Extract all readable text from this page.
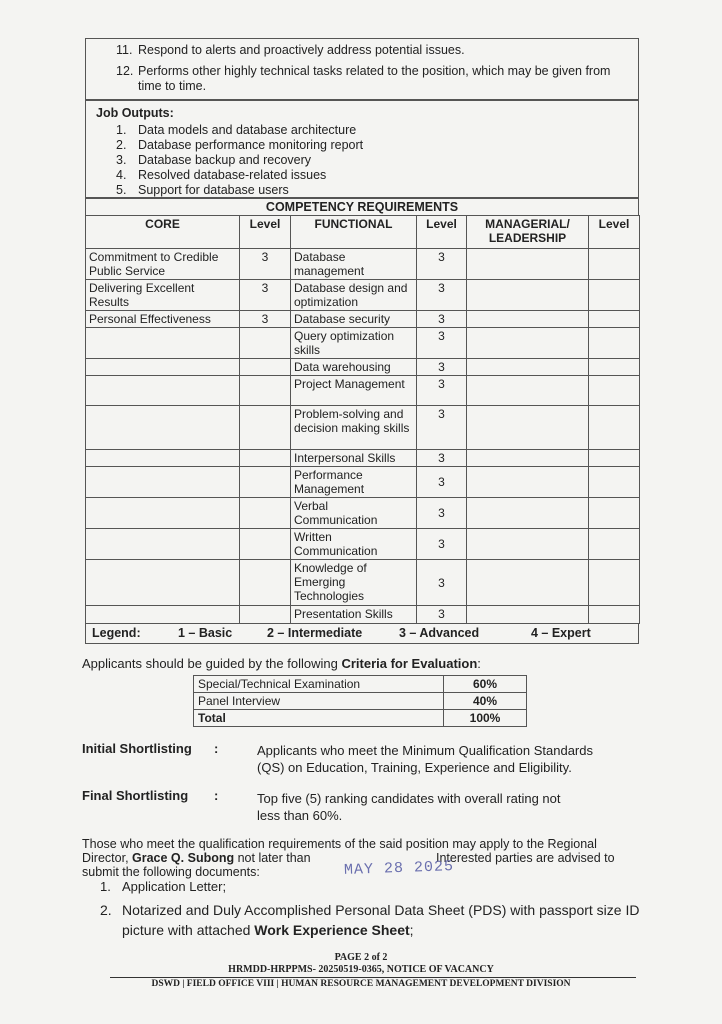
11. Respond to alerts and proactively address potential issues.
12. Performs other highly technical tasks related to the position, which may be given from time to time.
Job Outputs:
1. Data models and database architecture
2. Database performance monitoring report
3. Database backup and recovery
4. Resolved database-related issues
5. Support for database users
COMPETENCY REQUIREMENTS
CORE	Level	FUNCTIONAL	Level	MANAGERIAL/ LEADERSHIP	Level
Commitment to Credible Public Service	3	Database management	3		
Delivering Excellent Results	3	Database design and optimization	3		
Personal Effectiveness	3	Database security	3		
		Query optimization skills	3		
		Data warehousing	3		
		Project Management	3		
		Problem-solving and decision making skills	3		
		Interpersonal Skills	3		
		Performance Management	3		
		Verbal Communication	3		
		Written Communication	3		
		Knowledge of Emerging Technologies	3		
		Presentation Skills	3		
Legend:	1 – Basic	2 – Intermediate	3 – Advanced	4 – Expert
Applicants should be guided by the following Criteria for Evaluation:
Special/Technical Examination	60%
Panel Interview	40%
Total	100%
Initial Shortlisting :	Applicants who meet the Minimum Qualification Standards (QS) on Education, Training, Experience and Eligibility.
Final Shortlisting :	Top five (5) ranking candidates with overall rating not less than 60%.
Those who meet the qualification requirements of the said position may apply to the Regional
Director, Grace Q. Subong not later than	Interested parties are advised to
submit the following documents:	MAY 28 2025
1. Application Letter;
2. Notarized and Duly Accomplished Personal Data Sheet (PDS) with passport size ID picture with attached Work Experience Sheet;
PAGE 2 of 2
HRMDD-HRPPMS- 20250519-0365, NOTICE OF VACANCY
DSWD | FIELD OFFICE VIII | HUMAN RESOURCE MANAGEMENT DEVELOPMENT DIVISION
